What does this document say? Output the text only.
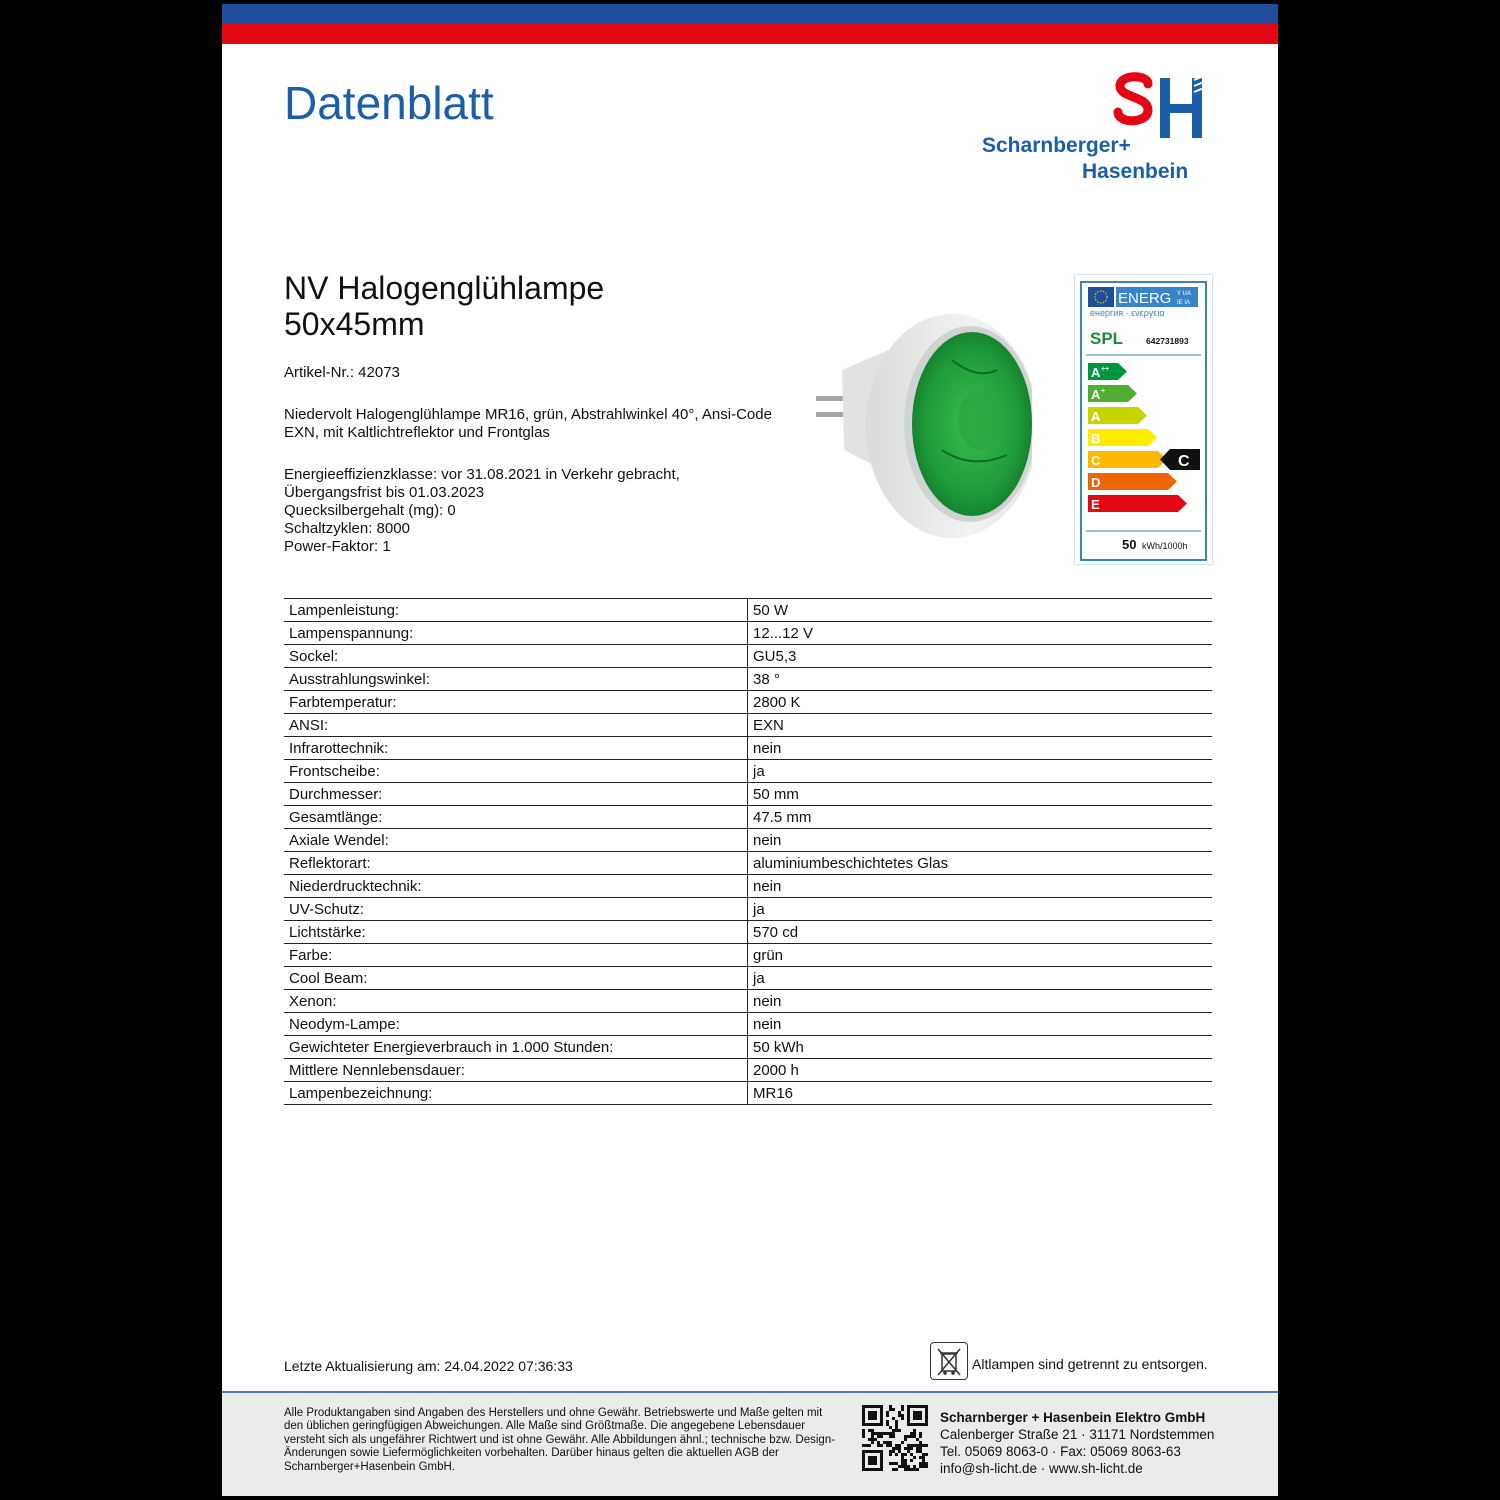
Datenblatt
Scharnberger+
Hasenbein
NV Halogenglühlampe
50x45mm
Artikel-Nr.: 42073
Niedervolt Halogenglühlampe MR16, grün, Abstrahlwinkel 40°, Ansi-Code EXN, mit Kaltlichtreflektor und Frontglas
Energieeffizienzklasse: vor 31.08.2021 in Verkehr gebracht,
Übergangsfrist bis 01.03.2023
Quecksilbergehalt (mg): 0
Schaltzyklen: 8000
Power-Faktor: 1
ENERG Y UA
IE IA
енергия · ενεργεια
SPL	642731893
A ++
A +
A
B
C	C
D
E
50 kWh/1000h
Lampenleistung:	50 W
Lampenspannung:	12...12 V
Sockel:	GU5,3
Ausstrahlungswinkel:	38 °
Farbtemperatur:	2800 K
ANSI:	EXN
Infrarottechnik:	nein
Frontscheibe:	ja
Durchmesser:	50 mm
Gesamtlänge:	47.5 mm
Axiale Wendel:	nein
Reflektorart:	aluminiumbeschichtetes Glas
Niederdrucktechnik:	nein
UV-Schutz:	ja
Lichtstärke:	570 cd
Farbe:	grün
Cool Beam:	ja
Xenon:	nein
Neodym-Lampe:	nein
Gewichteter Energieverbrauch in 1.000 Stunden:	50 kWh
Mittlere Nennlebensdauer:	2000 h
Lampenbezeichnung:	MR16
Letzte Aktualisierung am: 24.04.2022 07:36:33	Altlampen sind getrennt zu entsorgen.
Alle Produktangaben sind Angaben des Herstellers und ohne Gewähr. Betriebswerte und Maße gelten mit den üblichen geringfügigen Abweichungen. Alle Maße sind Größtmaße. Die angegebene Lebensdauer versteht sich als ungefährer Richtwert und ist ohne Gewähr. Alle Abbildungen ähnl.; technische bzw. Design-Änderungen sowie Liefermöglichkeiten vorbehalten. Darüber hinaus gelten die aktuellen AGB der Scharnberger+Hasenbein GmbH.
Scharnberger + Hasenbein Elektro GmbH
Calenberger Straße 21 · 31171 Nordstemmen
Tel. 05069 8063-0 · Fax: 05069 8063-63
info@sh-licht.de · www.sh-licht.de
